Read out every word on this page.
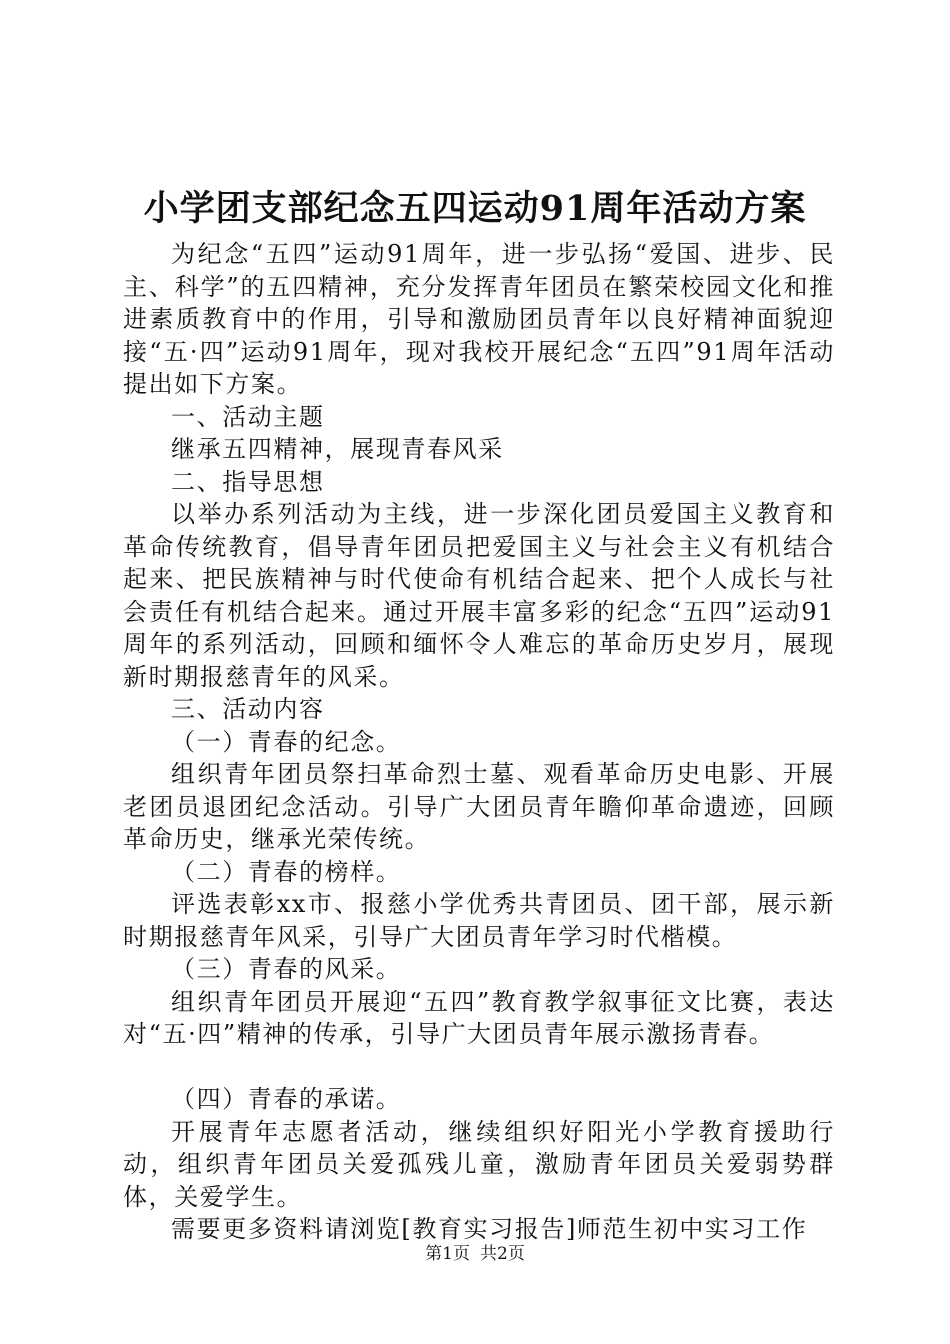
小学团支部纪念五四运动91周年活动方案

为纪念“五四”运动91周年，进一步弘扬“爱国、进步、民主、科学”的五四精神，充分发挥青年团员在繁荣校园文化和推进素质教育中的作用，引导和激励团员青年以良好精神面貌迎接“五·四”运动91周年，现对我校开展纪念“五四”91周年活动提出如下方案。

一、活动主题

继承五四精神，展现青春风采

二、指导思想

以举办系列活动为主线，进一步深化团员爱国主义教育和革命传统教育，倡导青年团员把爱国主义与社会主义有机结合起来、把民族精神与时代使命有机结合起来、把个人成长与社会责任有机结合起来。通过开展丰富多彩的纪念“五四”运动91周年的系列活动，回顾和缅怀令人难忘的革命历史岁月，展现新时期报慈青年的风采。

三、活动内容

（一）青春的纪念。

组织青年团员祭扫革命烈士墓、观看革命历史电影、开展老团员退团纪念活动。引导广大团员青年瞻仰革命遗迹，回顾革命历史，继承光荣传统。

（二）青春的榜样。

评选表彰xx市、报慈小学优秀共青团员、团干部，展示新时期报慈青年风采，引导广大团员青年学习时代楷模。

（三）青春的风采。

组织青年团员开展迎“五四”教育教学叙事征文比赛，表达对“五·四”精神的传承，引导广大团员青年展示激扬青春。

（四）青春的承诺。

开展青年志愿者活动，继续组织好阳光小学教育援助行动，组织青年团员关爱孤残儿童，激励青年团员关爱弱势群体，关爱学生。

需要更多资料请浏览[教育实习报告]师范生初中实习工作

第1页 共2页
